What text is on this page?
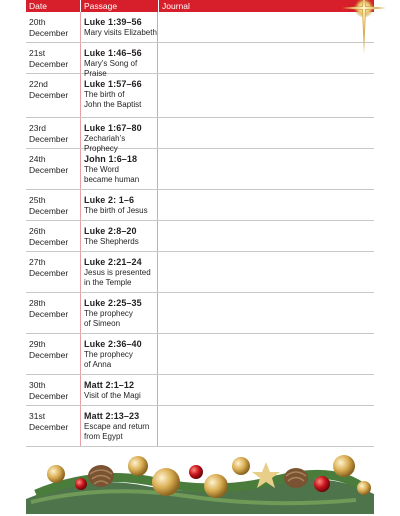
Date	Passage	Journal
20th
December
Luke 1:39–56
Mary visits Elizabeth
21st
December
Luke 1:46–56
Mary’s Song of Praise
22nd
December
Luke 1:57–66
The birth of
John the Baptist
23rd
December
Luke 1:67–80
Zechariah’s Prophecy
24th
December
John 1:6–18
The Word
became human
25th
December
Luke 2: 1–6
The birth of Jesus
26th
December
Luke 2:8–20
The Shepherds
27th
December
Luke 2:21–24
Jesus is presented
in the Temple
28th
December
Luke 2:25–35
The prophecy
of Simeon
29th
December
Luke 2:36–40
The prophecy
of Anna
30th
December
Matt 2:1–12
Visit of the Magi
31st
December
Matt 2:13–23
Escape and return
from Egypt
